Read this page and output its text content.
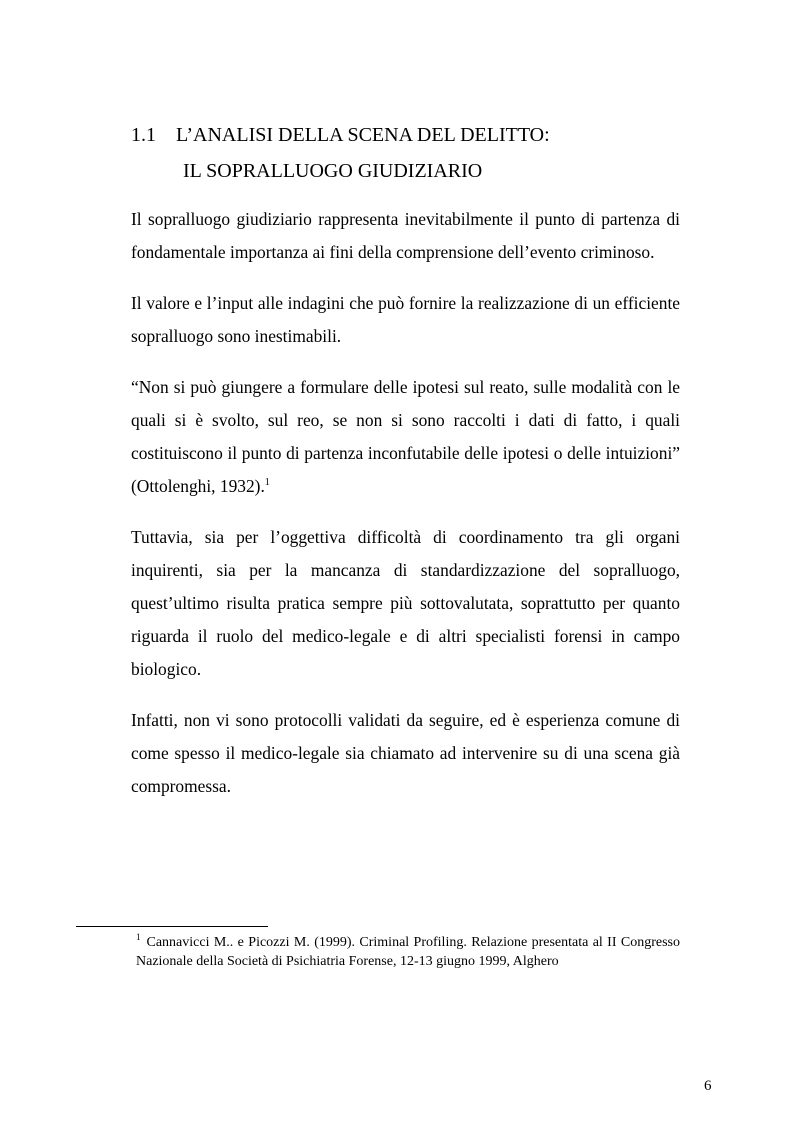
1.1 L’ANALISI DELLA SCENA DEL DELITTO:
IL SOPRALLUOGO GIUDIZIARIO

Il sopralluogo giudiziario rappresenta inevitabilmente il punto di partenza di fondamentale importanza ai fini della comprensione dell’evento criminoso.

Il valore e l’input alle indagini che può fornire la realizzazione di un efficiente sopralluogo sono inestimabili.

“Non si può giungere a formulare delle ipotesi sul reato, sulle modalità con le quali si è svolto, sul reo, se non si sono raccolti i dati di fatto, i quali costituiscono il punto di partenza inconfutabile delle ipotesi o delle intuizioni” (Ottolenghi, 1932).$^1$

Tuttavia, sia per l’oggettiva difficoltà di coordinamento tra gli organi inquirenti, sia per la mancanza di standardizzazione del sopralluogo, quest’ultimo risulta pratica sempre più sottovalutata, soprattutto per quanto riguarda il ruolo del medico-legale e di altri specialisti forensi in campo biologico.

Infatti, non vi sono protocolli validati da seguire, ed è esperienza comune di come spesso il medico-legale sia chiamato ad intervenire su di una scena già compromessa.

$^1$ Cannavicci M.. e Picozzi M. (1999). Criminal Profiling. Relazione presentata al II Congresso Nazionale della Società di Psichiatria Forense, 12-13 giugno 1999, Alghero
6
